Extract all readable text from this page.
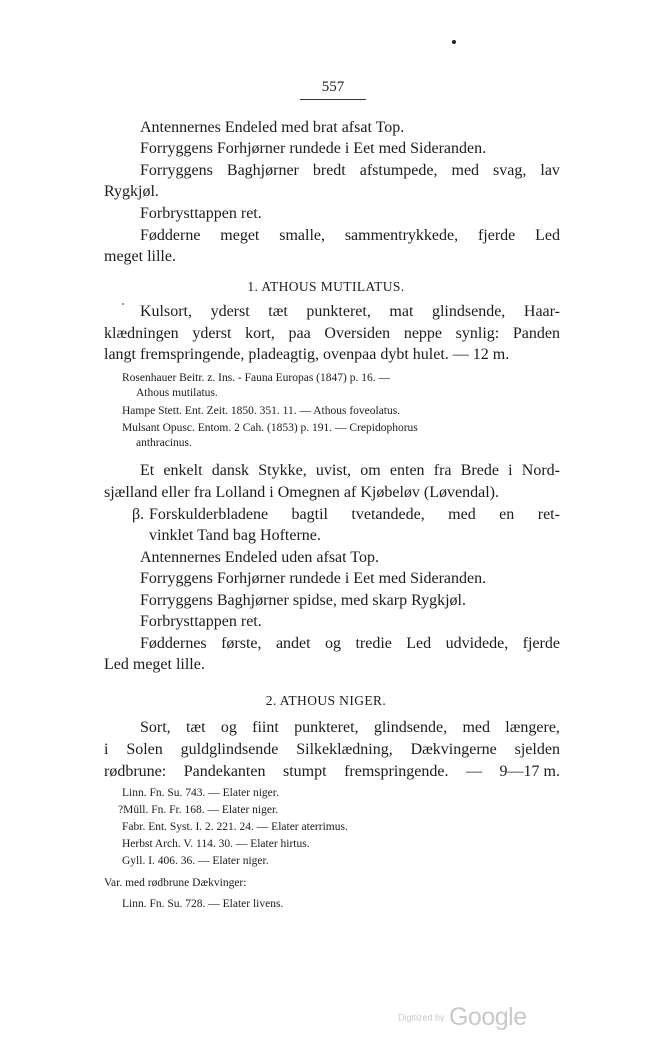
557
Antennernes Endeled med brat afsat Top.
Forryggens Forhjørner rundede i Eet med Sideranden.
Forryggens Baghjørner bredt afstumpede, med svag, lav
Rygkjøl.
Forbrysttappen ret.
Fødderne meget smalle, sammentrykkede, fjerde Led
meget lille.
1. ATHOUS MUTILATUS.
Kulsort, yderst tæt punkteret, mat glindsende, Haar-
klædningen yderst kort, paa Oversiden neppe synlig: Panden
langt fremspringende, pladeagtig, ovenpaa dybt hulet. — 12 m.
Rosenhauer Beitr. z. Ins. - Fauna Europas (1847) p. 16. —
Athous mutilatus.
Hampe Stett. Ent. Zeit. 1850. 351. 11. — Athous foveolatus.
Mulsant Opusc. Entom. 2 Cah. (1853) p. 191. — Crepidophorus
anthracinus.
Et enkelt dansk Stykke, uvist, om enten fra Brede i Nord-
sjælland eller fra Lolland i Omegnen af Kjøbeløv (Løvendal).
β. Forskulderbladene bagtil tvetandede, med en ret-
vinklet Tand bag Hofterne.
Antennernes Endeled uden afsat Top.
Forryggens Forhjørner rundede i Eet med Sideranden.
Forryggens Baghjørner spidse, med skarp Rygkjøl.
Forbrysttappen ret.
Føddernes første, andet og tredie Led udvidede, fjerde
Led meget lille.
2. ATHOUS NIGER.
Sort, tæt og fiint punkteret, glindsende, med længere,
i Solen guldglindsende Silkeklædning, Dækvingerne sjelden
rødbrune: Pandekanten stumpt fremspringende. — 9—17 m.
Linn. Fn. Su. 743. — Elater niger.
?Müll. Fn. Fr. 168. — Elater niger.
Fabr. Ent. Syst. I. 2. 221. 24. — Elater aterrimus.
Herbst Arch. V. 114. 30. — Elater hirtus.
Gyll. I. 406. 36. — Elater niger.
Var. med rødbrune Dækvinger:
Linn. Fn. Su. 728. — Elater livens.
Digitized by Google
